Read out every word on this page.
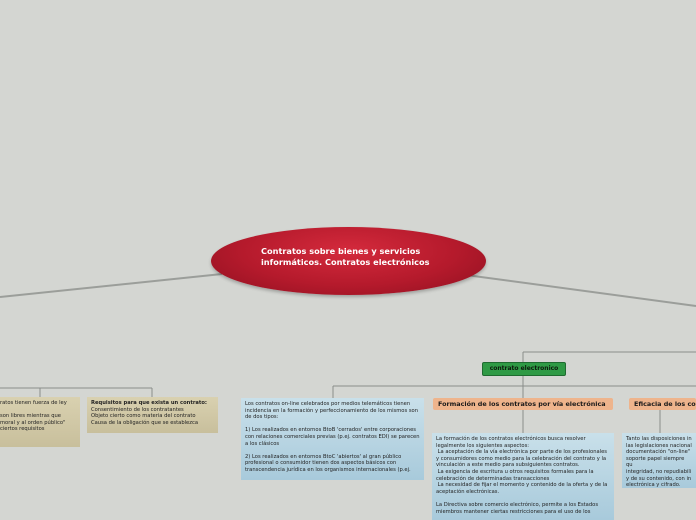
Contratos sobre bienes y servicios informáticos. Contratos electrónicos
contrato electronico
Formación de los contratos por vía electrónica
La formación de los contratos electrónicos busca resolver legalmente los siguientes aspectos:
La aceptación de la vía electrónica por parte de los profesionales y consumidores como medio para la celebración del contrato y la vinculación a este medio para subsiguientes contratos.
La exigencia de escritura u otros requisitos formales para la celebración de determinadas transacciones
La necesidad de fijar el momento y contenido de la oferta y de la aceptación electrónicas.

La Directiva sobre comercio electrónico, permite a los Estados miembros mantener ciertas restricciones para el uso de los
Eficacia de los co
Tanto las disposiciones in
las legislaciones nacional
documentación "on-line"
soporte papel siempre qu
integridad, no repudiabili
y de su contenido, con in
electrónica y cifrado.
Los contratos on-line celebrados por medios telemáticos tienen incidencia en la formación y perfeccionamiento de los mismos son de dos tipos:

1) Los realizados en entornos BtoB 'cerrados' entre corporaciones con relaciones comerciales previas (p.ej. contratos EDI) se parecen a los clásicos

2) Los realizados en entornos BtoC 'abiertos' al gran público profesional o consumidor tienen dos aspectos básicos con transcendencia jurídica en los organismos internacionales (p.ej.
Requisitos para que exista un contrato:
Consentimiento de los contratantes
Objeto cierto como materia del contrato
Causa de la obligación que se establezca
ratos tienen fuerza de ley

son libres mientras que
moral y al orden público"
ciertos requisitos
